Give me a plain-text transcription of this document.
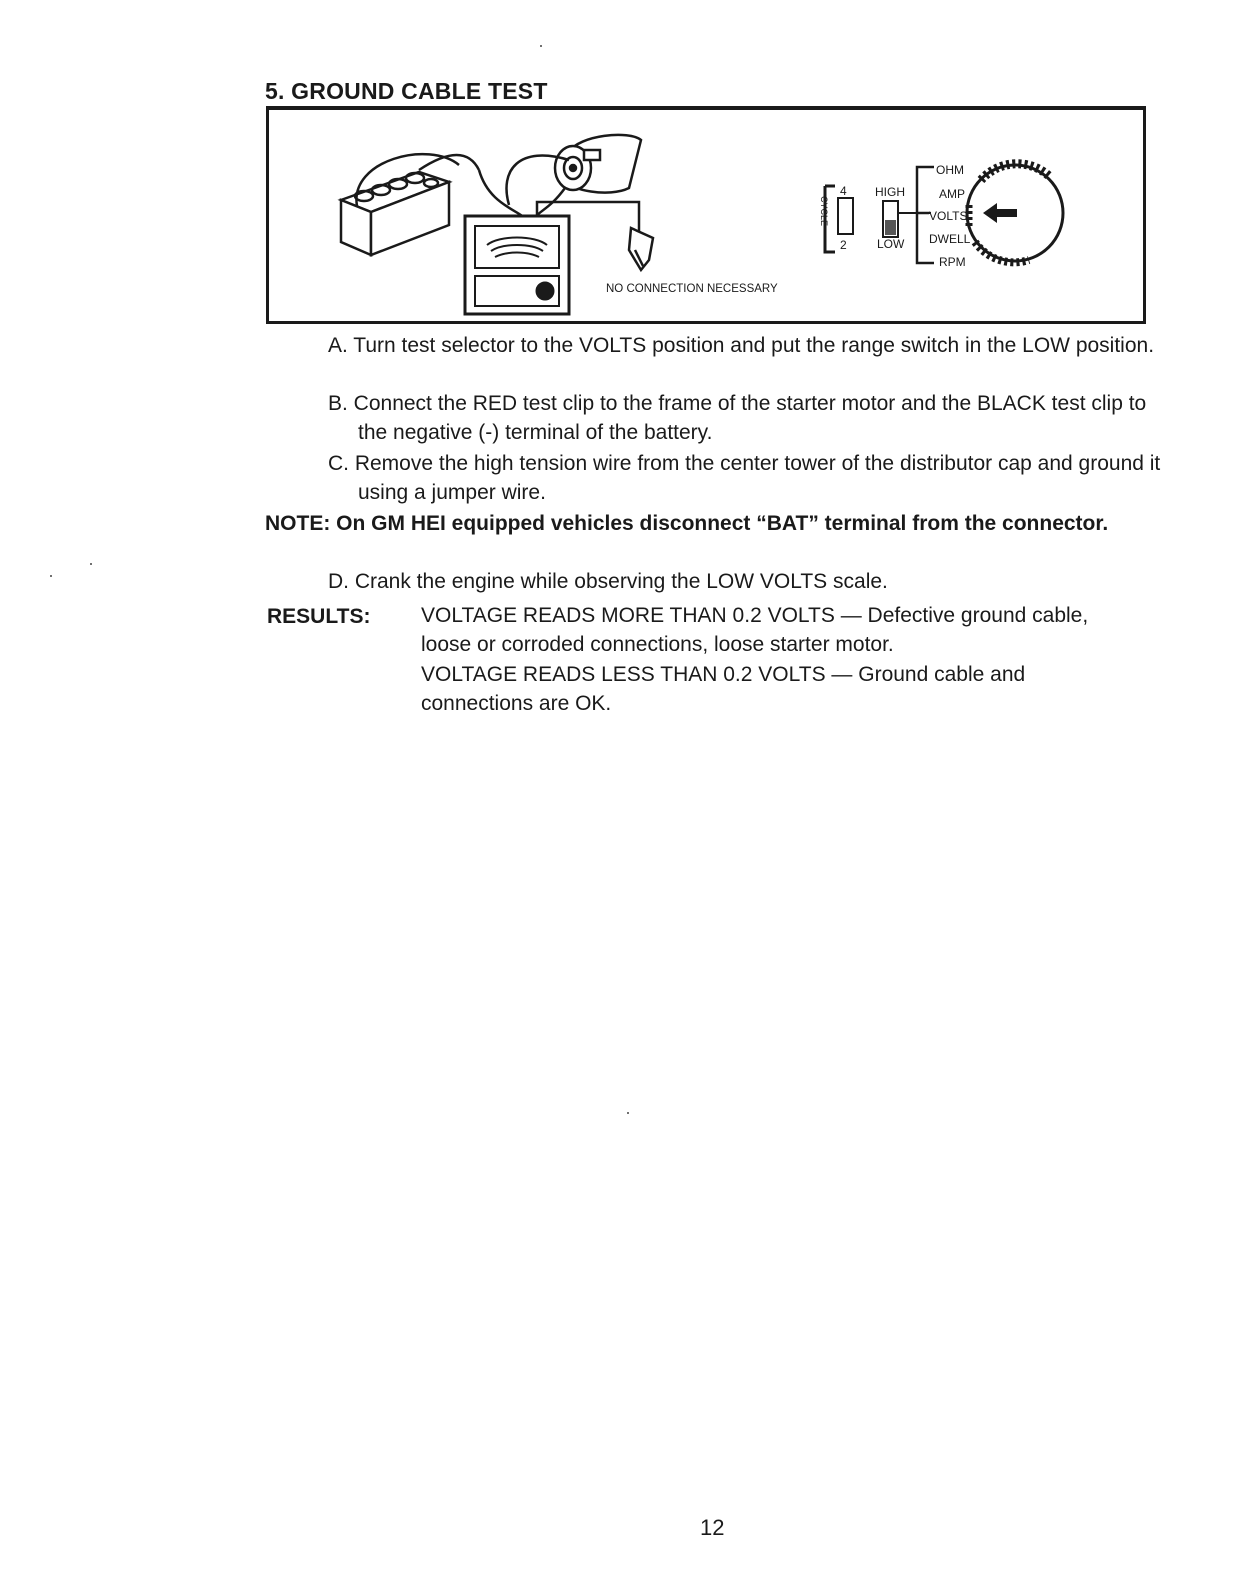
5. GROUND CABLE TEST
NO CONNECTION NECESSARY
CYCLE
4
2
HIGH
LOW
OHM
AMP
VOLTS
DWELL
RPM
A. Turn test selector to the VOLTS position and put the range switch in the LOW position.
B. Connect the RED test clip to the frame of the starter motor and the BLACK test clip to the negative (-) terminal of the battery.
C. Remove the high tension wire from the center tower of the distributor cap and ground it using a jumper wire.
NOTE: On GM HEI equipped vehicles disconnect “BAT” terminal from the connector.
D. Crank the engine while observing the LOW VOLTS scale.
RESULTS: VOLTAGE READS MORE THAN 0.2 VOLTS — Defective ground cable, loose or corroded connections, loose starter motor.
VOLTAGE READS LESS THAN 0.2 VOLTS — Ground cable and connections are OK.
12
